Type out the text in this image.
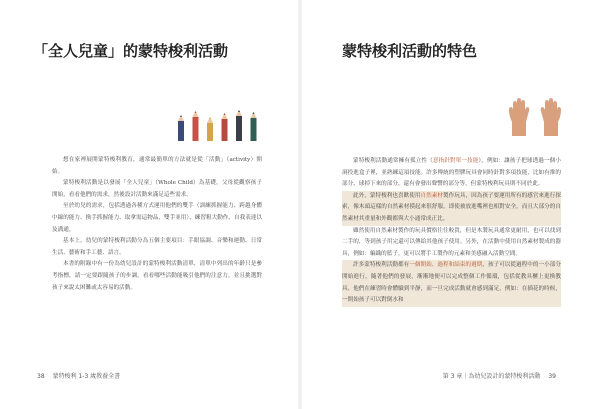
「全人兒童」的蒙特梭利活動

想在家裡展開蒙特梭利教育，通常最簡單的方法就是從「活動」（activity）開始。

蒙特梭利活動是以發展「全人兒童」（Whole Child）為基礎，父母從觀察孩子開始，看看他們的需求，然後設計活動來滿足這些需求。

至於幼兒的需求，包括透過各種方式運用他們的雙手（訓練抓握能力、跨越身體中線的能力、換手抓握能力、取拿需這物品、雙手並用）、練習粗大動作、自我表達以及溝通。

基本上，幼兒的蒙特梭利活動分為五個主要項目：手眼協調、音樂和運動、日常生活、藝術和手工藝、語言。

本書的附錄中有一份為幼兒設計的蒙特梭利活動清單，清單中列出的年齡只是參考指標，請一定要跟隨孩子的步調，看看哪些活動能吸引他們的注意力，並且挑選對孩子來說太困難或太容易的活動。

38 蒙特梭利 1-3 歲教養全書
蒙特梭利活動的特色

蒙特梭利活動通常擁有孤立性（意指針對單一技能），例如：讓孩子把球透過一個小洞投進盒子裡，並熟練這項技能。許多傳統的塑膠玩具會同時針對多項技能，比如有推的部分、球掉下來的部分，還有會發出聲響的部分等，但蒙特梭利玩具則不同於此。

此外，蒙特梭利也喜歡使用自然素材製作玩具，因為孩子要運用所有的感官來進行探索，像木頭這樣的自然素材摸起來很舒服，即使被放進嘴裡也相對安全，而且大部分的自然素材其重量和外觀都與大小通常成正比。

雖然使用自然素材製作的玩具價格往往較貴，但是木製玩具通常更耐用，也可以找到二手的，等到孩子用完還可以傳給其他孩子使用。另外，在活動中使用自然素材製成的器具，例如：編織的籃子，更可以將手工製作的元素和美感融入活動空間。

許多蒙特梭利活動都有一個開始、過程和結束的週期，孩子可以從過程中的一小部分開始進行，隨著他們的發展，漸漸地便可以完成整個工作循環，包括從教具櫃上更換教具、他們在練習時會體驗到平靜，而一旦完成活動就會感到滿足，例如：在插花的時候，一開始孩子可以對倒水和

第 3 章｜為幼兒設計的蒙特梭利活動 39
